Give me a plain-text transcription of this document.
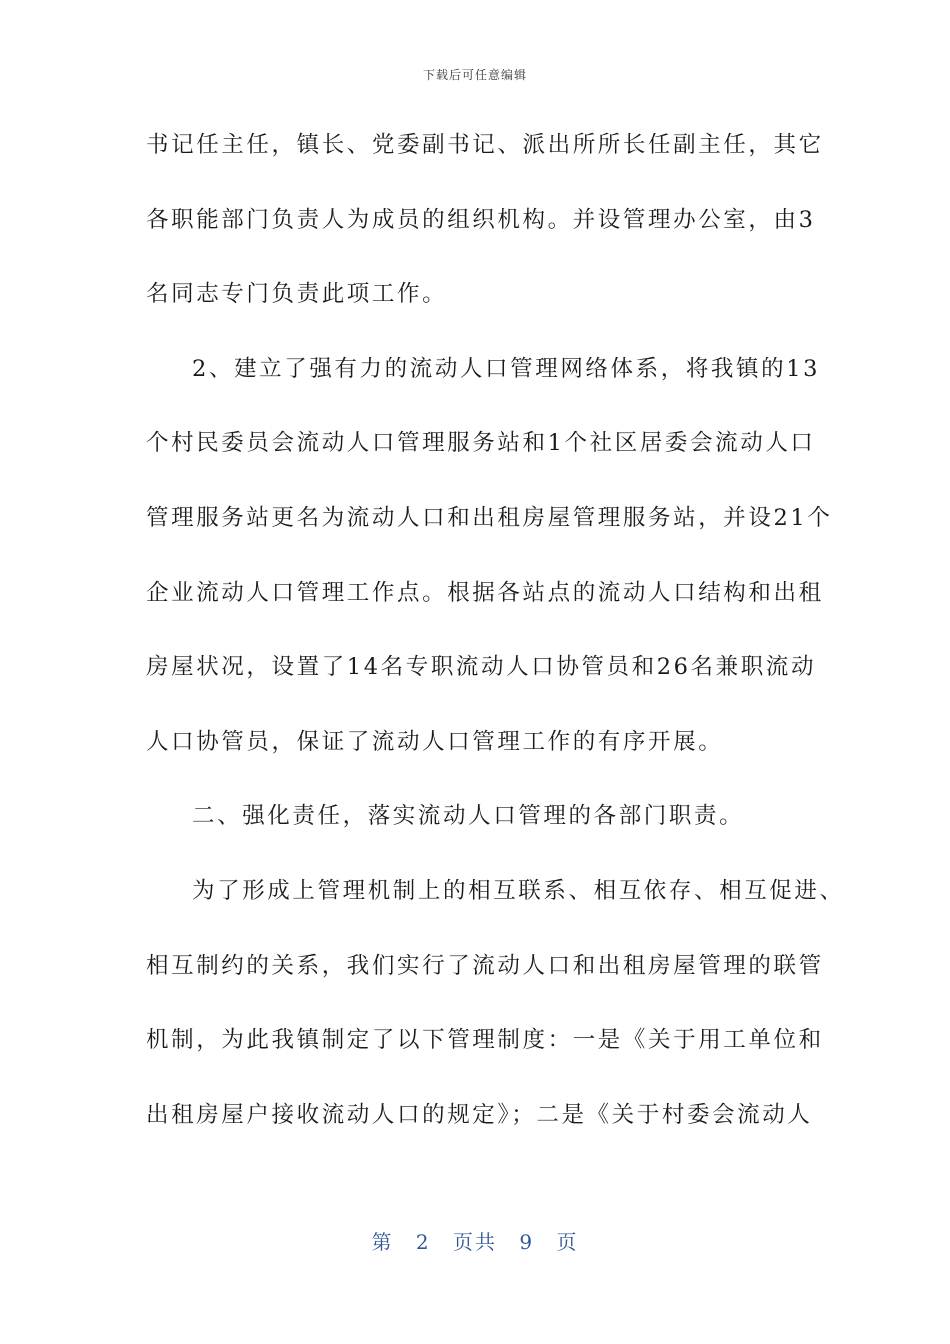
下载后可任意编辑
书记任主任，镇长、党委副书记、派出所所长任副主任，其它
各职能部门负责人为成员的组织机构。并设管理办公室，由3
名同志专门负责此项工作。
2、建立了强有力的流动人口管理网络体系，将我镇的13
个村民委员会流动人口管理服务站和1个社区居委会流动人口
管理服务站更名为流动人口和出租房屋管理服务站，并设21个
企业流动人口管理工作点。根据各站点的流动人口结构和出租
房屋状况，设置了14名专职流动人口协管员和26名兼职流动
人口协管员，保证了流动人口管理工作的有序开展。
二、强化责任，落实流动人口管理的各部门职责。
为了形成上管理机制上的相互联系、相互依存、相互促进、
相互制约的关系，我们实行了流动人口和出租房屋管理的联管
机制，为此我镇制定了以下管理制度：一是《关于用工单位和
出租房屋户接收流动人口的规定》；二是《关于村委会流动人
第 2 页共 9 页
